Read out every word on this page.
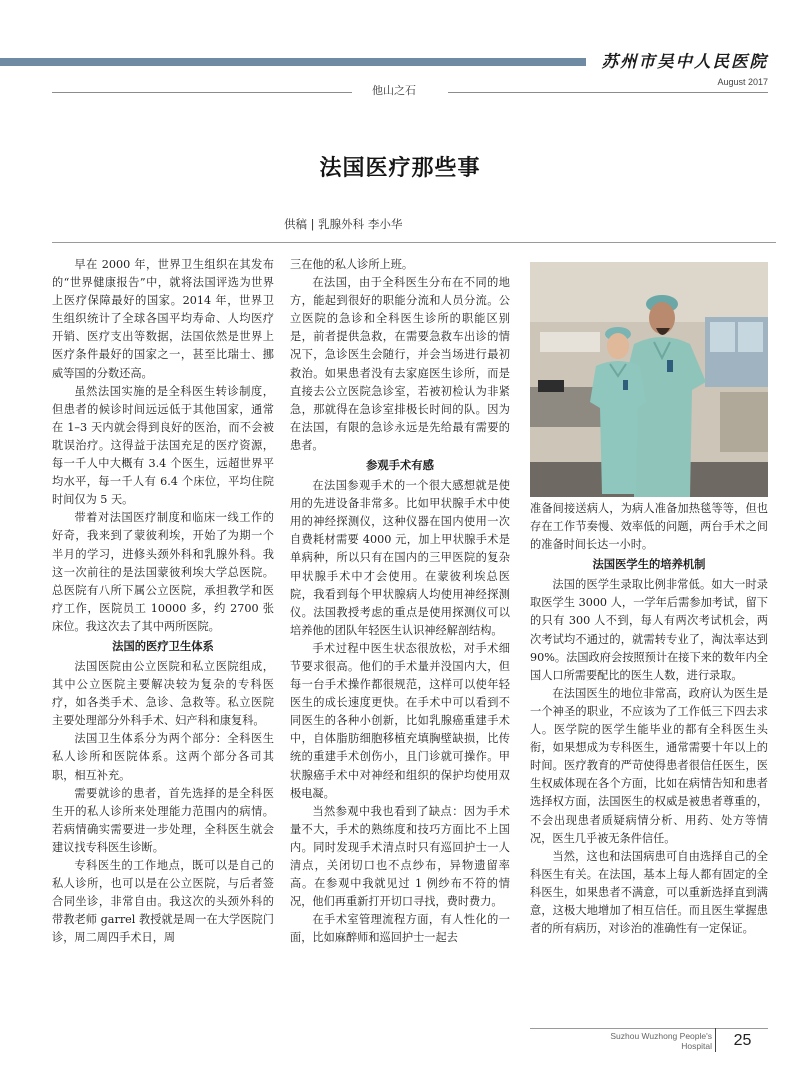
苏州市吴中人民医院
他山之石
August 2017
法国医疗那些事
供稿 | 乳腺外科 李小华

早在 2000 年，世界卫生组织在其发布的“世界健康报告”中，就将法国评选为世界上医疗保障最好的国家。2014 年，世界卫生组织统计了全球各国平均寿命、人均医疗开销、医疗支出等数据，法国依然是世界上医疗条件最好的国家之一，甚至比瑞士、挪威等国的分数还高。

虽然法国实施的是全科医生转诊制度，但患者的候诊时间远远低于其他国家，通常在 1–3 天内就会得到良好的医治，而不会被耽误治疗。这得益于法国充足的医疗资源，每一千人中大概有 3.4 个医生，远超世界平均水平，每一千人有 6.4 个床位，平均住院时间仅为 5 天。

带着对法国医疗制度和临床一线工作的好奇，我来到了蒙彼利埃，开始了为期一个半月的学习，进修头颈外科和乳腺外科。我这一次前往的是法国蒙彼利埃大学总医院。总医院有八所下属公立医院，承担教学和医疗工作，医院员工 10000 多，约 2700 张床位。我这次去了其中两所医院。

法国的医疗卫生体系

法国医院由公立医院和私立医院组成，其中公立医院主要解决较为复杂的专科医疗，如各类手术、急诊、急救等。私立医院主要处理部分外科手术、妇产科和康复科。

法国卫生体系分为两个部分：全科医生私人诊所和医院体系。这两个部分各司其职，相互补充。

需要就诊的患者，首先选择的是全科医生开的私人诊所来处理能力范围内的病情。若病情确实需要进一步处理，全科医生就会建议找专科医生诊断。

专科医生的工作地点，既可以是自己的私人诊所，也可以是在公立医院，与后者签合同坐诊，非常自由。我这次的头颈外科的带教老师 garrel 教授就是周一在大学医院门诊，周二周四手术日，周

三在他的私人诊所上班。

在法国，由于全科医生分布在不同的地方，能起到很好的职能分流和人员分流。公立医院的急诊和全科医生诊所的职能区别是，前者提供急救，在需要急救车出诊的情况下，急诊医生会随行，并会当场进行最初救治。如果患者没有去家庭医生诊所，而是直接去公立医院急诊室，若被初检认为非紧急，那就得在急诊室排极长时间的队。因为在法国，有限的急诊永远是先给最有需要的患者。

参观手术有感

在法国参观手术的一个很大感想就是使用的先进设备非常多。比如甲状腺手术中使用的神经探测仪，这种仪器在国内使用一次自费耗材需要 4000 元，加上甲状腺手术是单病种，所以只有在国内的三甲医院的复杂甲状腺手术中才会使用。在蒙彼利埃总医院，我看到每个甲状腺病人均使用神经探测仪。法国教授考虑的重点是使用探测仪可以培养他的团队年轻医生认识神经解剖结构。

手术过程中医生状态很放松，对手术细节要求很高。他们的手术量并没国内大，但每一台手术操作都很规范，这样可以使年轻医生的成长速度更快。在手术中可以看到不同医生的各种小创新，比如乳腺癌重建手术中，自体脂肪细胞移植充填胸壁缺损，比传统的重建手术创伤小，且门诊就可操作。甲状腺癌手术中对神经和组织的保护均使用双极电凝。

当然参观中我也看到了缺点：因为手术量不大，手术的熟练度和技巧方面比不上国内。同时发现手术清点时只有巡回护士一人清点，关闭切口也不点纱布，异物遗留率高。在参观中我就见过 1 例纱布不符的情况，他们再重新打开切口寻找，费时费力。

在手术室管理流程方面，有人性化的一面，比如麻醉师和巡回护士一起去

准备间接送病人，为病人准备加热毯等等，但也存在工作节奏慢、效率低的问题，两台手术之间的准备时间长达一小时。

法国医学生的培养机制

法国的医学生录取比例非常低。如大一时录取医学生 3000 人，一学年后需参加考试，留下的只有 300 人不到，每人有两次考试机会，两次考试均不通过的，就需转专业了，淘汰率达到 90%。法国政府会按照预计在接下来的数年内全国人口所需要配比的医生人数，进行录取。

在法国医生的地位非常高，政府认为医生是一个神圣的职业，不应该为了工作低三下四去求人。医学院的医学生能毕业的都有全科医生头衔，如果想成为专科医生，通常需要十年以上的时间。医疗教育的严苛使得患者很信任医生，医生权威体现在各个方面，比如在病情告知和患者选择权方面，法国医生的权威是被患者尊重的，不会出现患者质疑病情分析、用药、处方等情况，医生几乎被无条件信任。

当然，这也和法国病患可自由选择自己的全科医生有关。在法国，基本上每人都有固定的全科医生，如果患者不满意，可以重新选择直到满意，这极大地增加了相互信任。而且医生掌握患者的所有病历，对诊治的准确性有一定保证。

Suzhou Wuzhong People's Hospital	25
